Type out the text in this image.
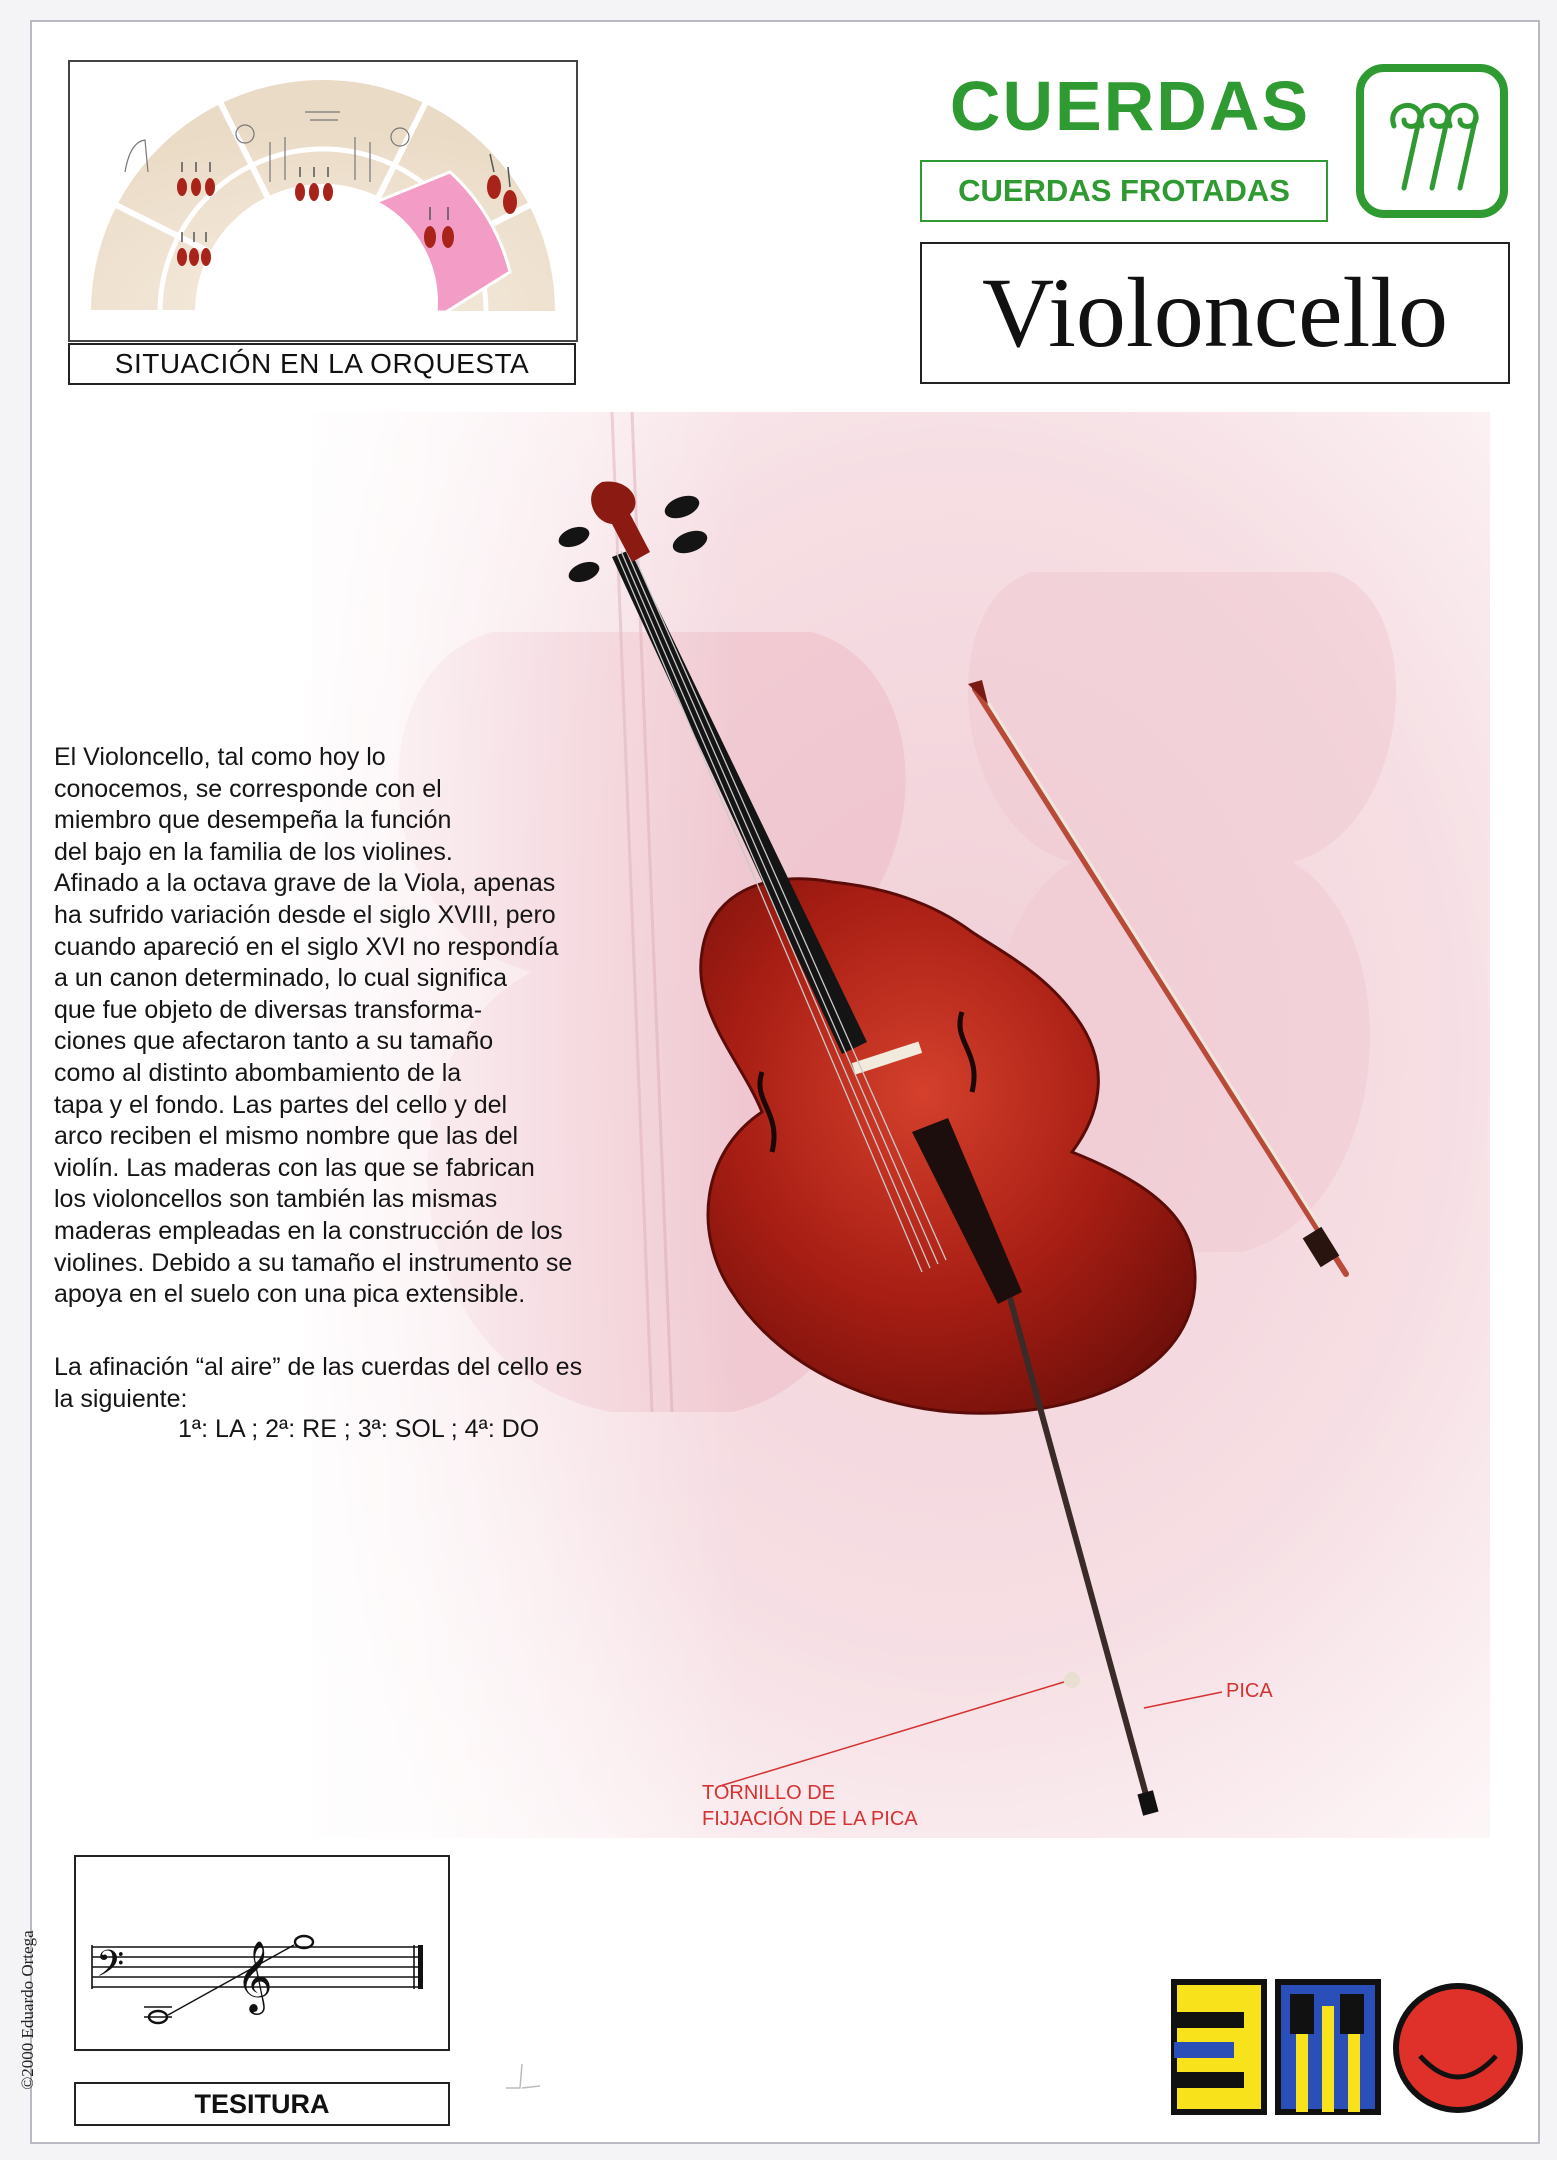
SITUACIÓN EN LA ORQUESTA
CUERDAS
CUERDAS FROTADAS
Violoncello
El Violoncello, tal como hoy lo
conocemos, se corresponde con el
miembro que desempeña la función
del bajo en la familia de los violines.
Afinado a la octava grave de la Viola, apenas
ha sufrido variación desde el siglo XVIII, pero
cuando apareció en el siglo XVI no respondía
a un canon determinado, lo cual significa
que fue objeto de diversas transforma-
ciones que afectaron tanto a su tamaño
como al distinto abombamiento de la
tapa y el fondo. Las partes del cello y del
arco reciben el mismo nombre que las del
violín. Las maderas con las que se fabrican
los violoncellos son también las mismas
maderas empleadas en la construcción de los
violines. Debido a su tamaño el instrumento se
apoya en el suelo con una pica extensible.
La afinación “al aire” de las cuerdas del cello es
la siguiente:
1ª: LA ; 2ª: RE ; 3ª: SOL ; 4ª: DO
PICA
TORNILLO DE
FIJJACIÓN DE LA PICA
𝄢 𝄞
TESITURA
©2000 Eduardo Ortega
